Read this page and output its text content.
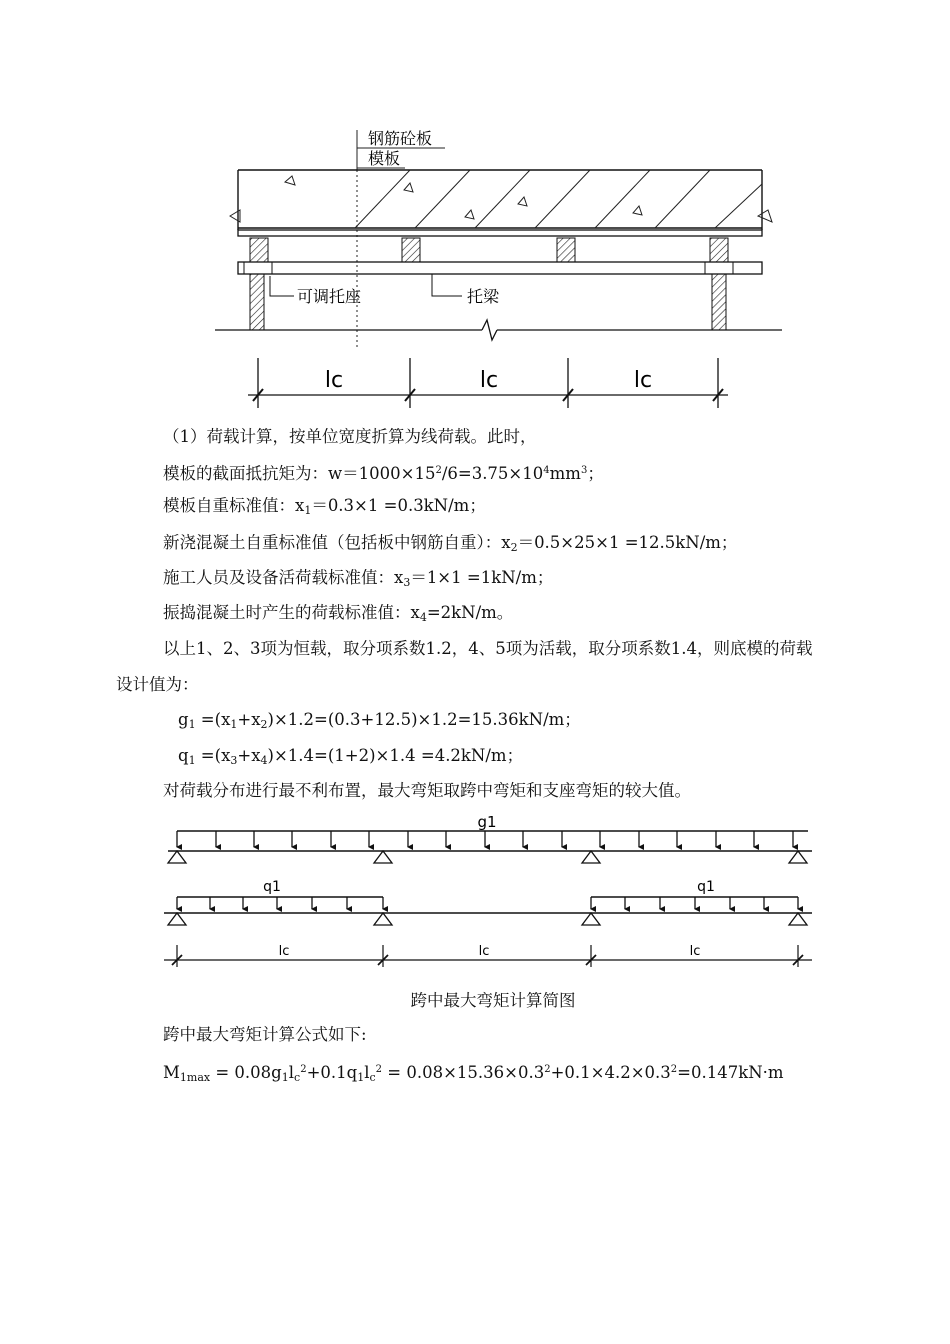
钢筋砼板
模板
可调托座	托梁
lc	lc	lc
（1）荷载计算，按单位宽度折算为线荷载。此时，
模板的截面抵抗矩为：$w=1000\times 15^2/6=3.75\times 10^4mm^3$；
模板自重标准值：$x_1=0.3\times 1 =0.3kN/m$；
新浇混凝土自重标准值（包括板中钢筋自重）：$x_2=0.5\times 25\times 1 =12.5kN/m$；
施工人员及设备活荷载标准值：$x_3=1\times 1 =1kN/m$；
振捣混凝土时产生的荷载标准值：$x_4=2kN/m$。
以上1、2、3项为恒载，取分项系数1.2，4、5项为活载，取分项系数1.4，则底模的荷载
设计值为：
$g_1 =(x_1+x_2)\times 1.2=(0.3+12.5)\times 1.2=15.36kN/m$；
$q_1 =(x_3+x_4)\times 1.4=(1+2)\times 1.4 =4.2kN/m$；
对荷载分布进行最不利布置，最大弯矩取跨中弯矩和支座弯矩的较大值。
g1
q1	q1
lc	lc	lc
跨中最大弯矩计算简图
跨中最大弯矩计算公式如下:
$M_{1max} = 0.08g_1l_c^2+0.1q_1l_c^2 = 0.08\times 15.36\times 0.3^2+0.1\times 4.2\times 0.3^2=0.147kN\cdot m$
